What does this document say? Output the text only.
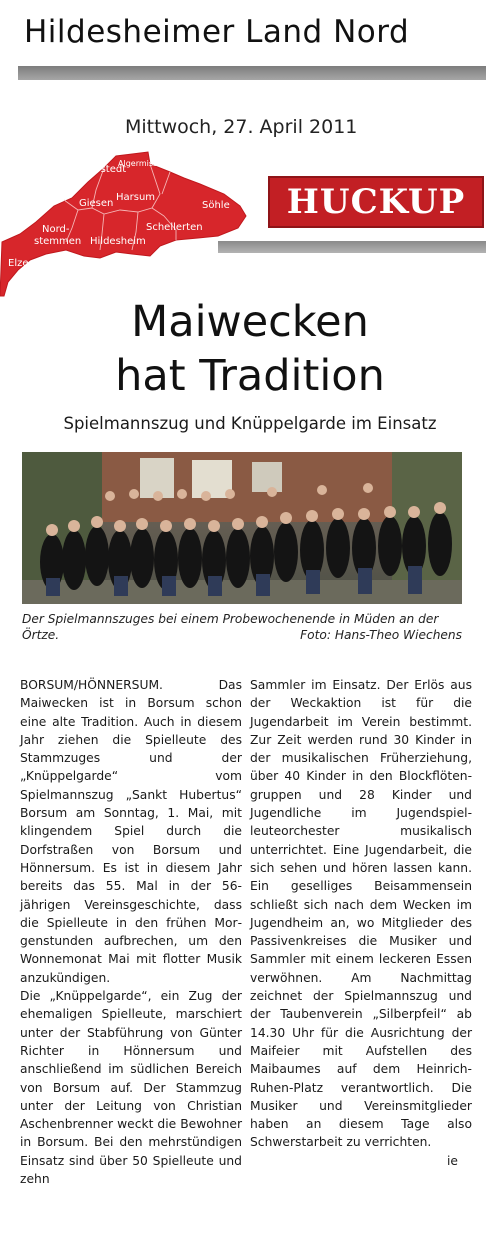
Hildesheimer Land Nord
Mittwoch, 27. April 2011
Sarstedt
Algermissen
Giesen
Harsum
Nord-
stemmen Hildesheim
Schellerten
Söhle
Elze
HUCKUP
Maiwecken
hat Tradition
Spielmannszug und Knüppelgarde im Einsatz
Der Spielmannszuges bei einem Probewochenende in Müden an der Örtze.	Foto: Hans-Theo Wiechens

BORSUM/HÖNNERSUM. Das Maiwecken ist in Borsum schon eine alte Tradition. Auch in diesem Jahr ziehen die Spielleute des Stammzuges und der „Knüppelgarde“ vom Spielmannszug „Sankt Hubertus“ Borsum am Sonntag, 1. Mai, mit klingendem Spiel durch die Dorfstraßen von Borsum und Hönnersum. Es ist in diesem Jahr bereits das 55. Mal in der 56-jährigen Vereinsgeschichte, dass die Spielleute in den frühen Morgenstunden aufbrechen, um den Wonnemonat Mai mit flotter Musik anzukündigen.

Die „Knüppelgarde“, ein Zug der ehemaligen Spielleute, marschiert unter der Stabführung von Günter Richter in Hönnersum und anschließend im südlichen Bereich von Borsum auf. Der Stammzug unter der Leitung von Christian Aschenbrenner weckt die Bewohner in Borsum. Bei den mehrstündigen Einsatz sind über 50 Spielleute und zehn

Sammler im Einsatz. Der Erlös aus der Weckaktion ist für die Jugendarbeit im Verein bestimmt. Zur Zeit werden rund 30 Kinder in der musikalischen Früherziehung, über 40 Kinder in den Blockflötengruppen und 28 Kinder und Jugendliche im Jugendspielleuteorchester musikalisch unterrichtet. Eine Jugendarbeit, die sich sehen und hören lassen kann. Ein geselliges Beisammensein schließt sich nach dem Wecken im Jugendheim an, wo Mitglieder des Passivenkreises die Musiker und Sammler mit einem leckeren Essen verwöhnen. Am Nachmittag zeichnet der Spielmannszug und der Taubenverein „Silberpfeil“ ab 14.30 Uhr für die Ausrichtung der Maifeier mit Aufstellen des Maibaumes auf dem Heinrich-Ruhen-Platz verantwortlich. Die Musiker und Vereinsmitglieder haben an diesem Tage also Schwerstarbeit zu verrichten.

ie
